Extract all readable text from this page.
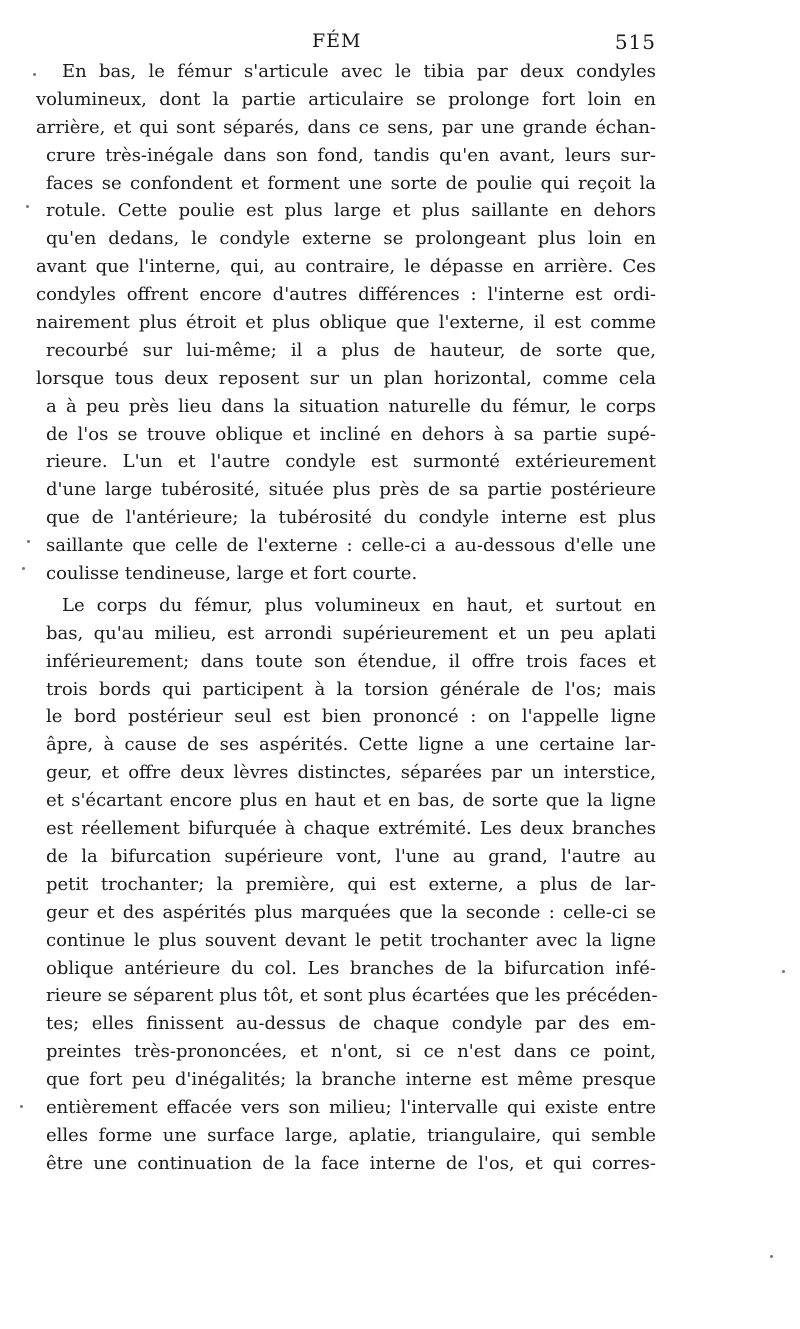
FÉM	515
En bas, le fémur s'articule avec le tibia par deux condyles
volumineux, dont la partie articulaire se prolonge fort loin en
arrière, et qui sont séparés, dans ce sens, par une grande échan-
crure très-inégale dans son fond, tandis qu'en avant, leurs sur-
faces se confondent et forment une sorte de poulie qui reçoit la
rotule. Cette poulie est plus large et plus saillante en dehors
qu'en dedans, le condyle externe se prolongeant plus loin en
avant que l'interne, qui, au contraire, le dépasse en arrière. Ces
condyles offrent encore d'autres différences : l'interne est ordi-
nairement plus étroit et plus oblique que l'externe, il est comme
recourbé sur lui-même; il a plus de hauteur, de sorte que,
lorsque tous deux reposent sur un plan horizontal, comme cela
a à peu près lieu dans la situation naturelle du fémur, le corps
de l'os se trouve oblique et incliné en dehors à sa partie supé-
rieure. L'un et l'autre condyle est surmonté extérieurement
d'une large tubérosité, située plus près de sa partie postérieure
que de l'antérieure; la tubérosité du condyle interne est plus
saillante que celle de l'externe : celle-ci a au-dessous d'elle une
coulisse tendineuse, large et fort courte.
Le corps du fémur, plus volumineux en haut, et surtout en
bas, qu'au milieu, est arrondi supérieurement et un peu aplati
inférieurement; dans toute son étendue, il offre trois faces et
trois bords qui participent à la torsion générale de l'os; mais
le bord postérieur seul est bien prononcé : on l'appelle ligne
âpre, à cause de ses aspérités. Cette ligne a une certaine lar-
geur, et offre deux lèvres distinctes, séparées par un interstice,
et s'écartant encore plus en haut et en bas, de sorte que la ligne
est réellement bifurquée à chaque extrémité. Les deux branches
de la bifurcation supérieure vont, l'une au grand, l'autre au
petit trochanter; la première, qui est externe, a plus de lar-
geur et des aspérités plus marquées que la seconde : celle-ci se
continue le plus souvent devant le petit trochanter avec la ligne
oblique antérieure du col. Les branches de la bifurcation infé-
rieure se séparent plus tôt, et sont plus écartées que les précéden-
tes; elles finissent au-dessus de chaque condyle par des em-
preintes très-prononcées, et n'ont, si ce n'est dans ce point,
que fort peu d'inégalités; la branche interne est même presque
entièrement effacée vers son milieu; l'intervalle qui existe entre
elles forme une surface large, aplatie, triangulaire, qui semble
être une continuation de la face interne de l'os, et qui corres-
